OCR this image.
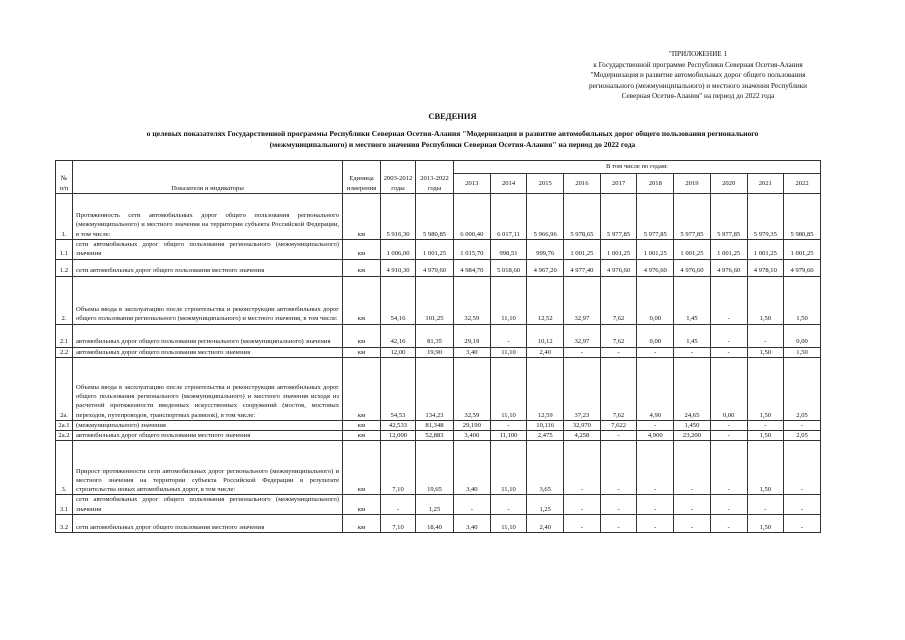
"ПРИЛОЖЕНИЕ 1
к Государственной программе Республики Северная Осетия-Алания
"Модернизация и развитие автомобильных дорог общего пользования
регионального (межмуниципального) и местного значения Республики
Северная Осетия-Алания" на период до 2022 года
СВЕДЕНИЯ
о целевых показателях Государственной программы Республики Северная Осетия-Алания "Модернизация и развитие автомобильных дорог общего пользования регионального
(межмуниципального) и местного значения Республики Северная Осетия-Алания" на период до 2022 года
№
п/п	Показатели и индикаторы	Единица измерения	2003-2012 годы	2013-2022 годы	В том числе по годам:									
					2013	2014	2015	2016	2017	2018	2019	2020	2021	2022
1.	Протяженность сети автомобильных дорог общего пользования регионального (межмуниципального) и местного значения на территории субъекта Российской Федерации, в том числе:	км	5 916,30	5 980,85	6 000,40	6 017,11	5 966,96	5 978,65	5 977,85	5 977,85	5 977,85	5 977,85	5 979,35	5 980,85
1.1	сети автомобильных дорог общего пользования регионального (межмуниципального) значения	км	1 006,00	1 001,25	1 015,70	998,51	999,76	1 001,25	1 001,25	1 001,25	1 001,25	1 001,25	1 001,25	1 001,25
1.2	сети автомобильных дорог общего пользования местного значения	км	4 910,30	4 979,60	4 984,70	5 018,60	4 967,20	4 977,40	4 976,60	4 976,60	4 976,60	4 976,60	4 978,10	4 979,60
2.	Объемы ввода в эксплуатацию после строительства и реконструкции автомобильных дорог общего пользования регионального (межмуниципального) и местного значения, в том числе:	км	54,16	101,25	32,59	11,10	12,52	32,97	7,62	0,00	1,45	-	1,50	1,50
2.1	автомобильных дорог общего пользования регионального (межмуниципального) значения	км	42,16	81,35	29,19	-	10,12	32,97	7,62	0,00	1,45	-	-	0,00
2.2	автомобильных дорог общего пользования местного значения	км	12,00	19,90	3,40	11,10	2,40	-	-	-	-	-	1,50	1,50
2а.	Объемы ввода в эксплуатацию после строительства и реконструкции автомобильных дорог общего пользования регионального (межмуниципального) и местного значения исходя из расчетной протяженности введенных искусственных сооружений (мостов, мостовых переходов, путепроводов, транспортных развязок), в том числе:	км	54,53	134,23	32,59	11,10	12,59	37,23	7,62	4,90	24,65	0,00	1,50	2,05
2а.1	(межмуниципального) значения	км	42,533	81,348	29,190	-	10,116	32,970	7,622	-	1,450	-	-	-
2а.2	автомобильных дорог общего пользования местного значения	км	12,000	52,883	3,400	11,100	2,475	4,258	-	4,900	23,200	-	1,50	2,05
3.	Прирост протяженности сети автомобильных дорог регионального (межмуниципального) и местного значения на территории субъекта Российской Федерации в результате строительства новых автомобильных дорог, в том числе:	км	7,10	19,65	3,40	11,10	3,65	-	-	-	-	-	1,50	-
3.1	сети автомобильных дорог общего пользования регионального (межмуниципального) значения	км	-	1,25	-	-	1,25	-	-	-	-	-	-	-
3.2	сети автомобильных дорог общего пользования местного значения	км	7,10	18,40	3,40	11,10	2,40	-	-	-	-	-	1,50	-
